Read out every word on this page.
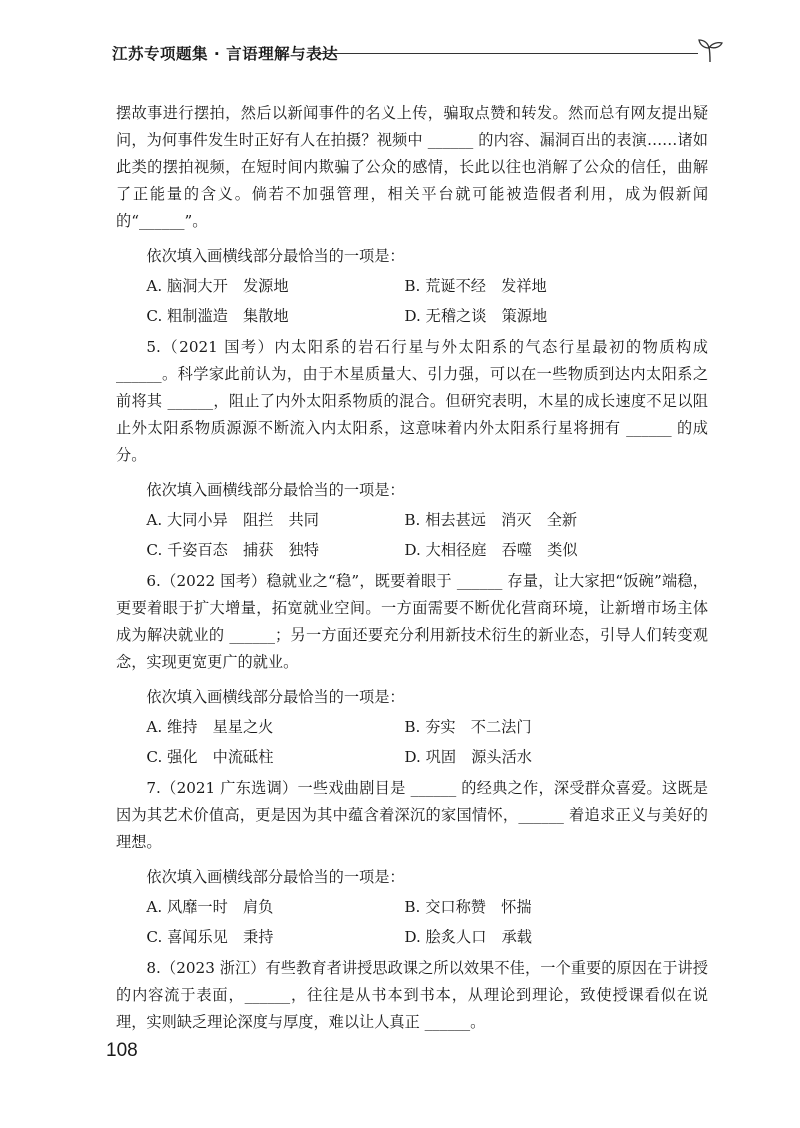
江苏专项题集 · 言语理解与表达

摆故事进行摆拍，然后以新闻事件的名义上传，骗取点赞和转发。然而总有网友提出疑问，为何事件发生时正好有人在拍摄？视频中 ______ 的内容、漏洞百出的表演……诸如此类的摆拍视频，在短时间内欺骗了公众的感情，长此以往也消解了公众的信任，曲解了正能量的含义。倘若不加强管理，相关平台就可能被造假者利用，成为假新闻的“______”。

依次填入画横线部分最恰当的一项是：

A. 脑洞大开　发源地	B. 荒诞不经　发祥地
C. 粗制滥造　集散地	D. 无稽之谈　策源地

5.（2021 国考）内太阳系的岩石行星与外太阳系的气态行星最初的物质构成 ______。科学家此前认为，由于木星质量大、引力强，可以在一些物质到达内太阳系之前将其 ______，阻止了内外太阳系物质的混合。但研究表明，木星的成长速度不足以阻止外太阳系物质源源不断流入内太阳系，这意味着内外太阳系行星将拥有 ______ 的成分。

依次填入画横线部分最恰当的一项是：

A. 大同小异　阻拦　共同	B. 相去甚远　消灭　全新
C. 千姿百态　捕获　独特	D. 大相径庭　吞噬　类似

6.（2022 国考）稳就业之“稳”，既要着眼于 ______ 存量，让大家把“饭碗”端稳，更要着眼于扩大增量，拓宽就业空间。一方面需要不断优化营商环境，让新增市场主体成为解决就业的 ______；另一方面还要充分利用新技术衍生的新业态，引导人们转变观念，实现更宽更广的就业。

依次填入画横线部分最恰当的一项是：

A. 维持　星星之火	B. 夯实　不二法门
C. 强化　中流砥柱	D. 巩固　源头活水

7.（2021 广东选调）一些戏曲剧目是 ______ 的经典之作，深受群众喜爱。这既是因为其艺术价值高，更是因为其中蕴含着深沉的家国情怀，______ 着追求正义与美好的理想。

依次填入画横线部分最恰当的一项是：

A. 风靡一时　肩负	B. 交口称赞　怀揣
C. 喜闻乐见　秉持	D. 脍炙人口　承载

8.（2023 浙江）有些教育者讲授思政课之所以效果不佳，一个重要的原因在于讲授的内容流于表面，______，往往是从书本到书本，从理论到理论，致使授课看似在说理，实则缺乏理论深度与厚度，难以让人真正 ______。

108
